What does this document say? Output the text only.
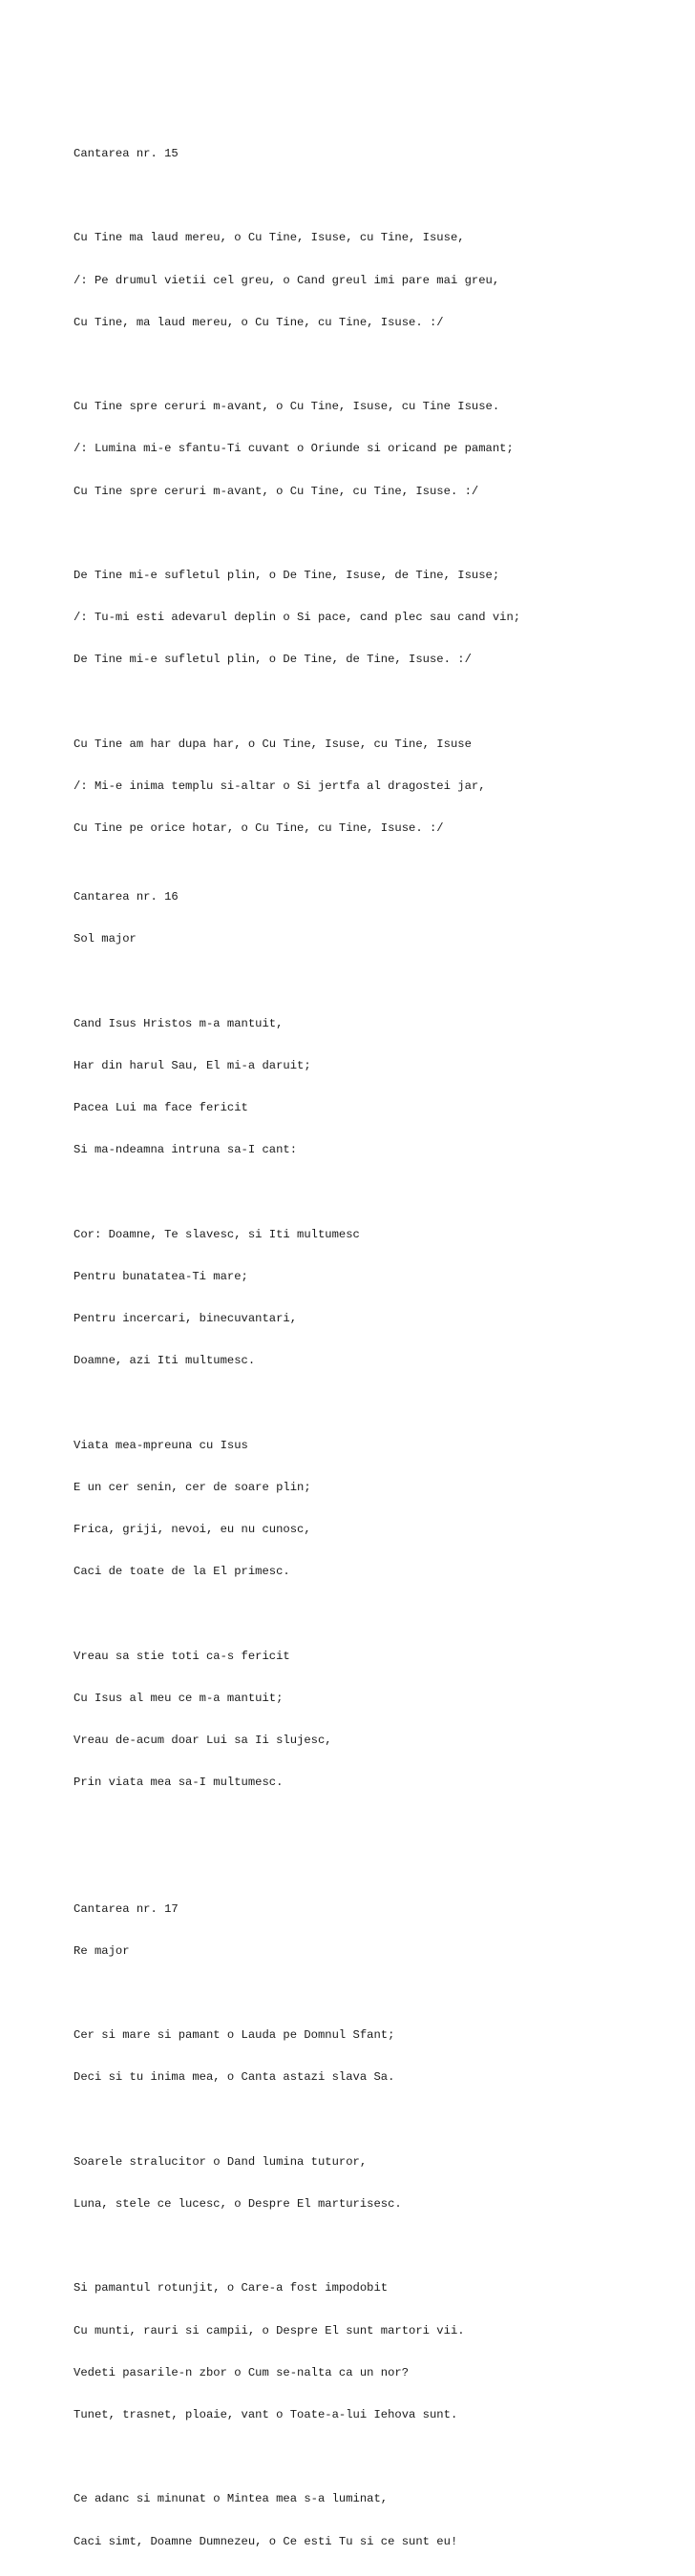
Cantarea nr. 15

Cu Tine ma laud mereu, o Cu Tine, Isuse, cu Tine, Isuse,

/: Pe drumul vietii cel greu, o Cand greul imi pare mai greu,

Cu Tine, ma laud mereu, o Cu Tine, cu Tine, Isuse. :/

Cu Tine spre ceruri m-avant, o Cu Tine, Isuse, cu Tine Isuse.

/: Lumina mi-e sfantu-Ti cuvant o Oriunde si oricand pe pamant;

Cu Tine spre ceruri m-avant, o Cu Tine, cu Tine, Isuse. :/

De Tine mi-e sufletul plin, o De Tine, Isuse, de Tine, Isuse;

/: Tu-mi esti adevarul deplin o Si pace, cand plec sau cand vin;

De Tine mi-e sufletul plin, o De Tine, de Tine, Isuse. :/

Cu Tine am har dupa har, o Cu Tine, Isuse, cu Tine, Isuse

/: Mi-e inima templu si-altar o Si jertfa al dragostei jar,

Cu Tine pe orice hotar, o Cu Tine, cu Tine, Isuse. :/

Cantarea nr. 16

Sol major

Cand Isus Hristos m-a mantuit,

Har din harul Sau, El mi-a daruit;

Pacea Lui ma face fericit

Si ma-ndeamna intruna sa-I cant:

Cor: Doamne, Te slavesc, si Iti multumesc

Pentru bunatatea-Ti mare;

Pentru incercari, binecuvantari,

Doamne, azi Iti multumesc.

Viata mea-mpreuna cu Isus

E un cer senin, cer de soare plin;

Frica, griji, nevoi, eu nu cunosc,

Caci de toate de la El primesc.

Vreau sa stie toti ca-s fericit

Cu Isus al meu ce m-a mantuit;

Vreau de-acum doar Lui sa Ii slujesc,

Prin viata mea sa-I multumesc.

Cantarea nr. 17

Re major

Cer si mare si pamant o Lauda pe Domnul Sfant;

Deci si tu inima mea, o Canta astazi slava Sa.

Soarele stralucitor o Dand lumina tuturor,

Luna, stele ce lucesc, o Despre El marturisesc.

Si pamantul rotunjit, o Care-a fost impodobit

Cu munti, rauri si campii, o Despre El sunt martori vii.

Vedeti pasarile-n zbor o Cum se-nalta ca un nor?

Tunet, trasnet, ploaie, vant o Toate-a-lui Iehova sunt.

Ce adanc si minunat o Mintea mea s-a luminat,

Caci simt, Doamne Dumnezeu, o Ce esti Tu si ce sunt eu!
